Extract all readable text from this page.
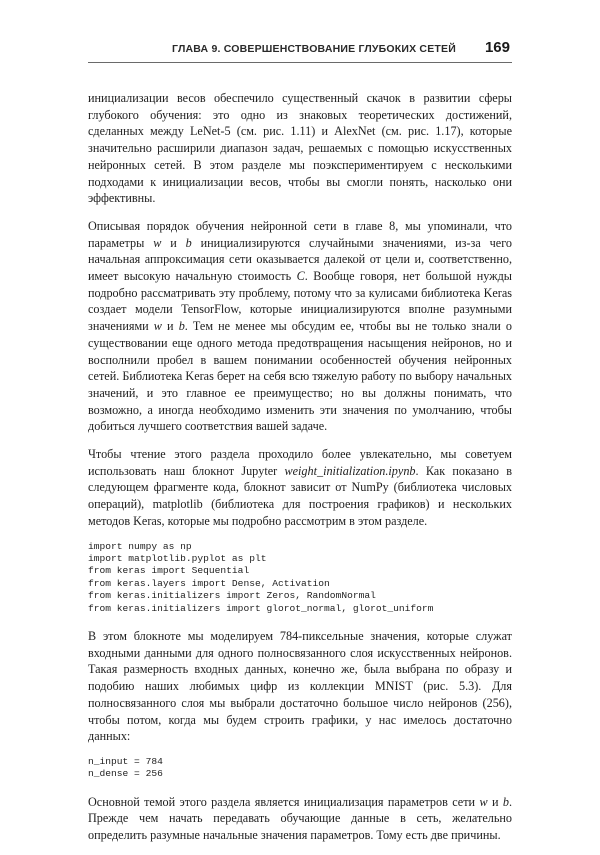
ГЛАВА 9. СОВЕРШЕНСТВОВАНИЕ ГЛУБОКИХ СЕТЕЙ 169

инициализации весов обеспечило существенный скачок в развитии сферы глубокого обучения: это одно из знаковых теоретических достижений, сделанных между LeNet-5 (см. рис. 1.11) и AlexNet (см. рис. 1.17), которые значительно расширили диапазон задач, решаемых с помощью искусственных нейронных сетей. В этом разделе мы поэкспериментируем с несколькими подходами к инициализации весов, чтобы вы смогли понять, насколько они эффективны.

Описывая порядок обучения нейронной сети в главе 8, мы упоминали, что параметры w и b инициализируются случайными значениями, из-за чего начальная аппроксимация сети оказывается далекой от цели и, соответственно, имеет высокую начальную стоимость C. Вообще говоря, нет большой нужды подробно рассматривать эту проблему, потому что за кулисами библиотека Keras создает модели TensorFlow, которые инициализируются вполне разумными значениями w и b. Тем не менее мы обсудим ее, чтобы вы не только знали о существовании еще одного метода предотвращения насыщения нейронов, но и восполнили пробел в вашем понимании особенностей обучения нейронных сетей. Библиотека Keras берет на себя всю тяжелую работу по выбору начальных значений, и это главное ее преимущество; но вы должны понимать, что возможно, а иногда необходимо изменить эти значения по умолчанию, чтобы добиться лучшего соответствия вашей задаче.

Чтобы чтение этого раздела проходило более увлекательно, мы советуем использовать наш блокнот Jupyter weight_initialization.ipynb. Как показано в следующем фрагменте кода, блокнот зависит от NumPy (библиотека числовых операций), matplotlib (библиотека для построения графиков) и нескольких методов Keras, которые мы подробно рассмотрим в этом разделе.

import numpy as np
import matplotlib.pyplot as plt
from keras import Sequential
from keras.layers import Dense, Activation
from keras.initializers import Zeros, RandomNormal
from keras.initializers import glorot_normal, glorot_uniform

В этом блокноте мы моделируем 784-пиксельные значения, которые служат входными данными для одного полносвязанного слоя искусственных нейронов. Такая размерность входных данных, конечно же, была выбрана по образу и подобию наших любимых цифр из коллекции MNIST (рис. 5.3). Для полносвязанного слоя мы выбрали достаточно большое число нейронов (256), чтобы потом, когда мы будем строить графики, у нас имелось достаточно данных:

n_input = 784
n_dense = 256

Основной темой этого раздела является инициализация параметров сети w и b. Прежде чем начать передавать обучающие данные в сеть, желательно определить разумные начальные значения параметров. Тому есть две причины.
